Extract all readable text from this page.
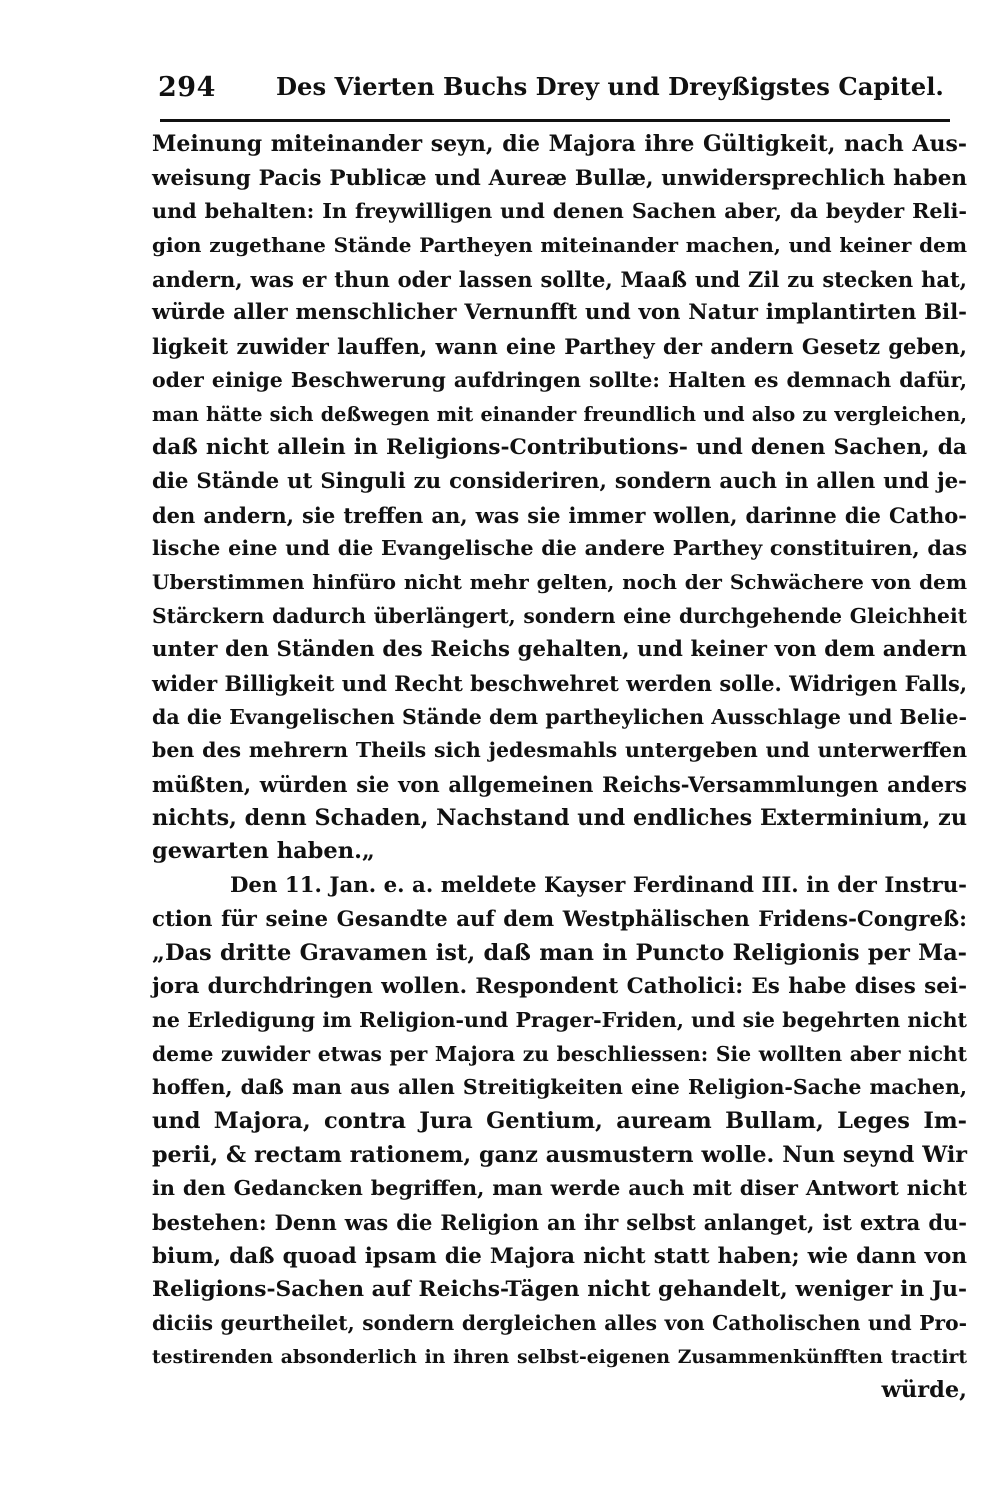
294 Des Vierten Buchs Drey und Dreyßigstes Capitel.
Meinung miteinander seyn, die Majora ihre Gültigkeit, nach Aus-
weisung Pacis Publicæ und Aureæ Bullæ, unwidersprechlich haben
und behalten: In freywilligen und denen Sachen aber, da beyder Reli-
gion zugethane Stände Partheyen miteinander machen, und keiner dem
andern, was er thun oder lassen sollte, Maaß und Zil zu stecken hat,
würde aller menschlicher Vernunfft und von Natur implantirten Bil-
ligkeit zuwider lauffen, wann eine Parthey der andern Gesetz geben,
oder einige Beschwerung aufdringen sollte: Halten es demnach dafür,
man hätte sich deßwegen mit einander freundlich und also zu vergleichen,
daß nicht allein in Religions-Contributions- und denen Sachen, da
die Stände ut Singuli zu consideriren, sondern auch in allen und je-
den andern, sie treffen an, was sie immer wollen, darinne die Catho-
lische eine und die Evangelische die andere Parthey constituiren, das
Uberstimmen hinfüro nicht mehr gelten, noch der Schwächere von dem
Stärckern dadurch überlängert, sondern eine durchgehende Gleichheit
unter den Ständen des Reichs gehalten, und keiner von dem andern
wider Billigkeit und Recht beschwehret werden solle. Widrigen Falls,
da die Evangelischen Stände dem partheylichen Ausschlage und Belie-
ben des mehrern Theils sich jedesmahls untergeben und unterwerffen
müßten, würden sie von allgemeinen Reichs-Versammlungen anders
nichts, denn Schaden, Nachstand und endliches Exterminium, zu
gewarten haben.„
Den 11. Jan. e. a. meldete Kayser Ferdinand III. in der Instru-
ction für seine Gesandte auf dem Westphälischen Fridens-Congreß:
„Das dritte Gravamen ist, daß man in Puncto Religionis per Ma-
jora durchdringen wollen. Respondent Catholici: Es habe dises sei-
ne Erledigung im Religion-und Prager-Friden, und sie begehrten nicht
deme zuwider etwas per Majora zu beschliessen: Sie wollten aber nicht
hoffen, daß man aus allen Streitigkeiten eine Religion-Sache machen,
und Majora, contra Jura Gentium, auream Bullam, Leges Im-
perii, & rectam rationem, ganz ausmustern wolle. Nun seynd Wir
in den Gedancken begriffen, man werde auch mit diser Antwort nicht
bestehen: Denn was die Religion an ihr selbst anlanget, ist extra du-
bium, daß quoad ipsam die Majora nicht statt haben; wie dann von
Religions-Sachen auf Reichs-Tägen nicht gehandelt, weniger in Ju-
diciis geurtheilet, sondern dergleichen alles von Catholischen und Pro-
testirenden absonderlich in ihren selbst-eigenen Zusammenkünfften tractirt
würde,
